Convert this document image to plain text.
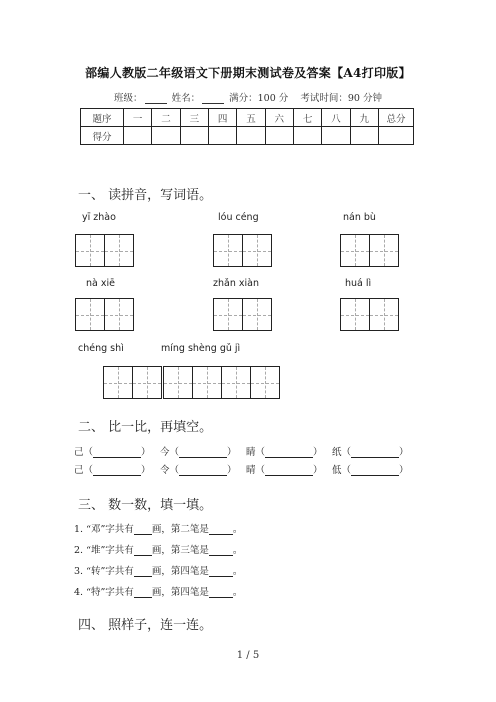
部编人教版二年级语文下册期末测试卷及答案【A4打印版】
班级：	姓名：	满分：100 分 考试时间：90 分钟
题序	一	二	三	四	五	六	七	八	九	总分
得分										
一、 读拼音，写词语。
yī zhào	lóu céng	nán bù
nà xiē	zhǎn xiàn	huá lì
chéng shì	míng shèng gǔ jì
二、 比一比，再填空。
己（	） 今（	） 睛（	） 纸（	）
己（	） 令（	） 晴（	） 低（	）
三、 数一数，填一填。
1. “邓”字共有 画，第二笔是	。
2. “堆”字共有 画，第三笔是	。
3. “转”字共有 画，第四笔是	。
4. “特”字共有 画，第四笔是	。
四、 照样子，连一连。
1 / 5
